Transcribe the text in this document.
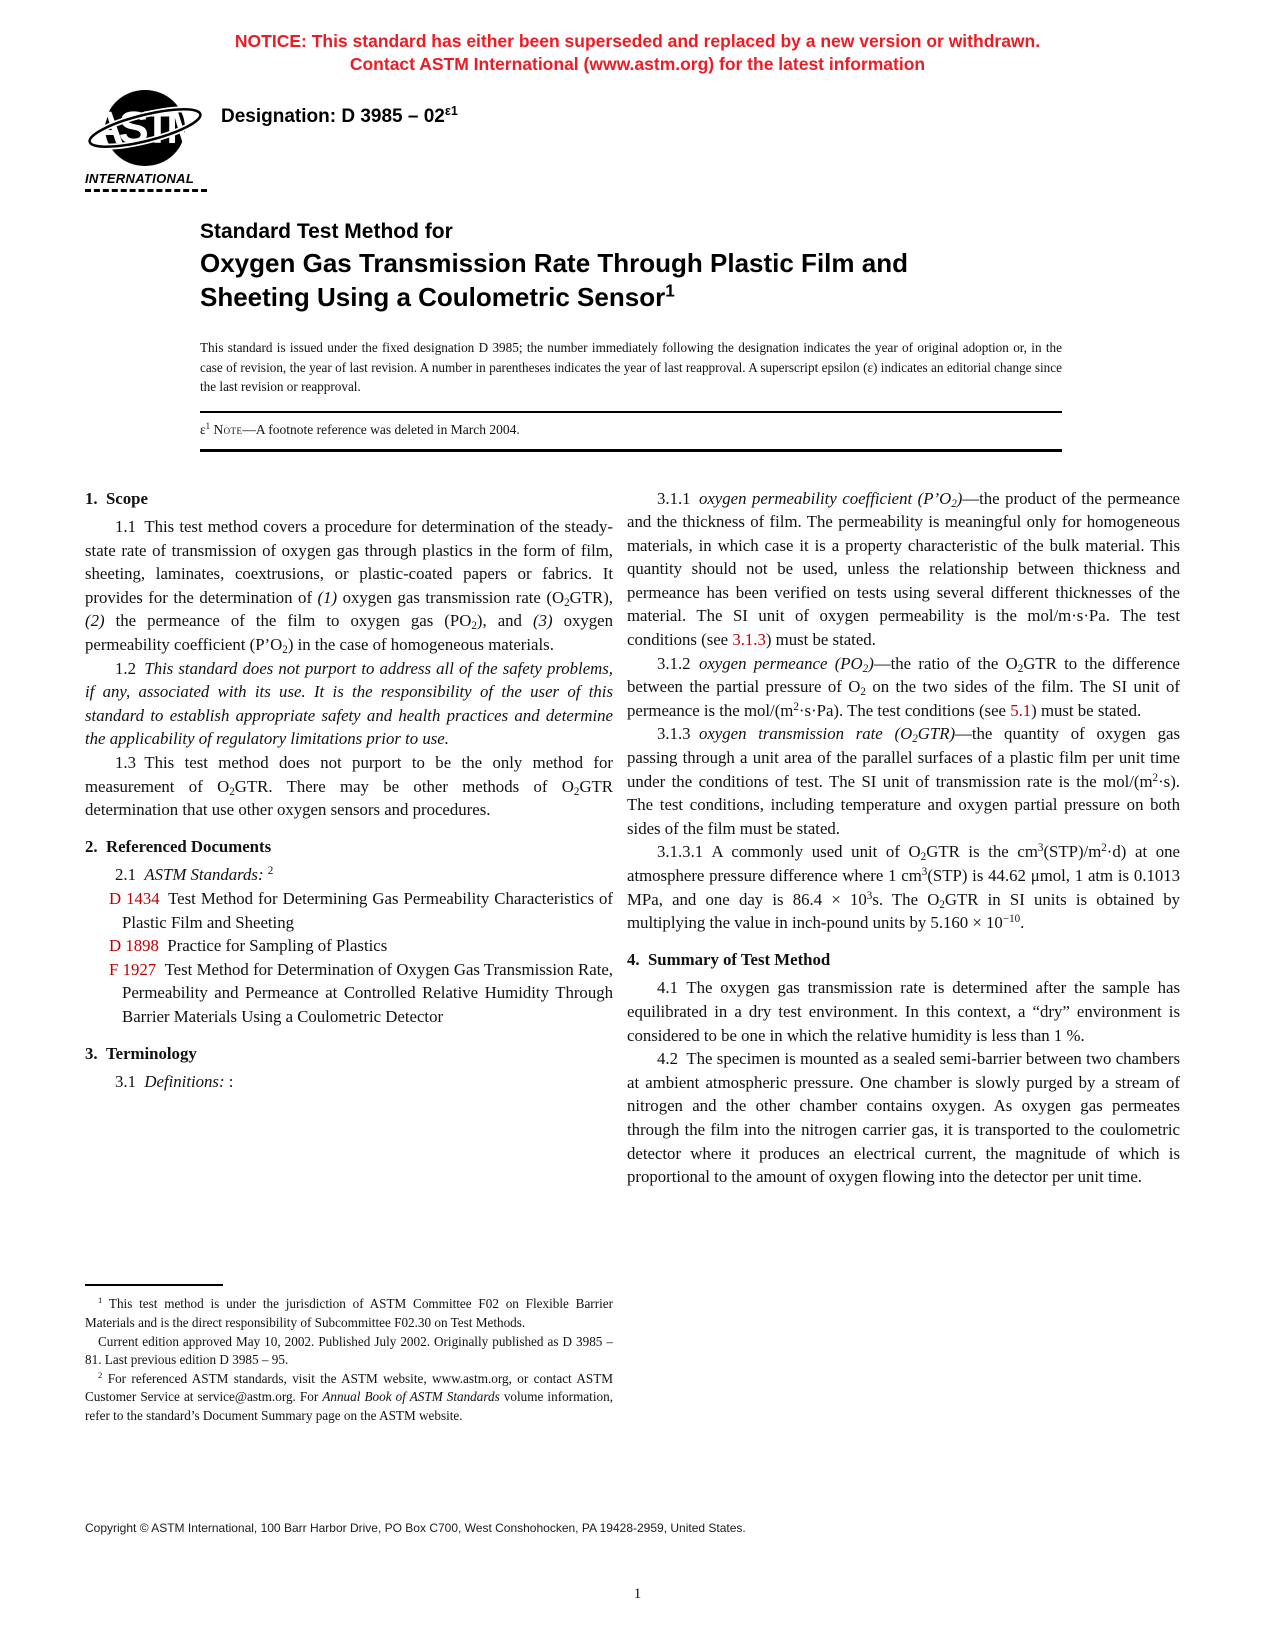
NOTICE: This standard has either been superseded and replaced by a new version or withdrawn.
Contact ASTM International (www.astm.org) for the latest information
ASTM
INTERNATIONAL
Designation: D $3985 - 02^{\varepsilon 1}$
Standard Test Method for
Oxygen Gas Transmission Rate Through Plastic Film and
Sheeting Using a Coulometric Sensor$^1$

This standard is issued under the fixed designation D 3985; the number immediately following the designation indicates the year of original adoption or, in the case of revision, the year of last revision. A number in parentheses indicates the year of last reapproval. A superscript epsilon (ε) indicates an editorial change since the last revision or reapproval.

$\varepsilon^1$ Note—A footnote reference was deleted in March 2004.

1. Scope

1.1 This test method covers a procedure for determination of the steady-state rate of transmission of oxygen gas through plastics in the form of film, sheeting, laminates, coextrusions, or plastic-coated papers or fabrics. It provides for the determination of (1) oxygen gas transmission rate $(O_2GTR)$, (2) the permeance of the film to oxygen gas $(PO_2)$, and (3) oxygen permeability coefficient $(P’O_2)$ in the case of homogeneous materials.

1.2 This standard does not purport to address all of the safety problems, if any, associated with its use. It is the responsibility of the user of this standard to establish appropriate safety and health practices and determine the applicability of regulatory limitations prior to use.

1.3 This test method does not purport to be the only method for measurement of $O_2GTR$. There may be other methods of $O_2GTR$ determination that use other oxygen sensors and procedures.

2. Referenced Documents

2.1 ASTM Standards: $^2$

D 1434 Test Method for Determining Gas Permeability Characteristics of Plastic Film and Sheeting

D 1898 Practice for Sampling of Plastics

F 1927 Test Method for Determination of Oxygen Gas Transmission Rate, Permeability and Permeance at Controlled Relative Humidity Through Barrier Materials Using a Coulometric Detector

3. Terminology

3.1 Definitions: :

$^1$ This test method is under the jurisdiction of ASTM Committee F02 on Flexible Barrier Materials and is the direct responsibility of Subcommittee F02.30 on Test Methods.

Current edition approved May 10, 2002. Published July 2002. Originally published as D 3985 – 81. Last previous edition D 3985 – 95.

$^2$ For referenced ASTM standards, visit the ASTM website, www.astm.org, or contact ASTM Customer Service at service@astm.org. For Annual Book of ASTM Standards volume information, refer to the standard’s Document Summary page on the ASTM website.

3.1.1 oxygen permeability coefficient $(P’O_2)—the$ product of the permeance and the thickness of film. The permeability is meaningful only for homogeneous materials, in which case it is a property characteristic of the bulk material. This quantity should not be used, unless the relationship between thickness and permeance has been verified on tests using several different thicknesses of the material. The SI unit of oxygen permeability is the mol/m·s·Pa. The test conditions (see 3.1.3) must be stated.

3.1.2 oxygen permeance $(PO_2)—the$ ratio of the $O_2GTR$ to the difference between the partial pressure of $O_2$ on the two sides of the film. The SI unit of permeance is the mol/$(m^2\cdot s\cdot Pa)$. The test conditions (see 5.1) must be stated.

3.1.3 oxygen transmission rate $(O_2GTR)—the$ quantity of oxygen gas passing through a unit area of the parallel surfaces of a plastic film per unit time under the conditions of test. The SI unit of transmission rate is the mol/$(m^2\cdot s)$. The test conditions, including temperature and oxygen partial pressure on both sides of the film must be stated.

3.1.3.1 A commonly used unit of $O_2GTR$ is the $cm^3(STP)/m^2\cdot d$) at one atmosphere pressure difference where 1 $cm^3(STP)$ is 44.62 μmol, 1 atm is 0.1013 MPa, and one day is $86.4 \times 10^3s$. The $O_2GTR$ in SI units is obtained by multiplying the value in inch-pound units by $5.160 \times 10^{-10}$.

4. Summary of Test Method

4.1 The oxygen gas transmission rate is determined after the sample has equilibrated in a dry test environment. In this context, a “dry” environment is considered to be one in which the relative humidity is less than 1 %.

4.2 The specimen is mounted as a sealed semi-barrier between two chambers at ambient atmospheric pressure. One chamber is slowly purged by a stream of nitrogen and the other chamber contains oxygen. As oxygen gas permeates through the film into the nitrogen carrier gas, it is transported to the coulometric detector where it produces an electrical current, the magnitude of which is proportional to the amount of oxygen flowing into the detector per unit time.

Copyright © ASTM International, 100 Barr Harbor Drive, PO Box C700, West Conshohocken, PA 19428-2959, United States.
1
